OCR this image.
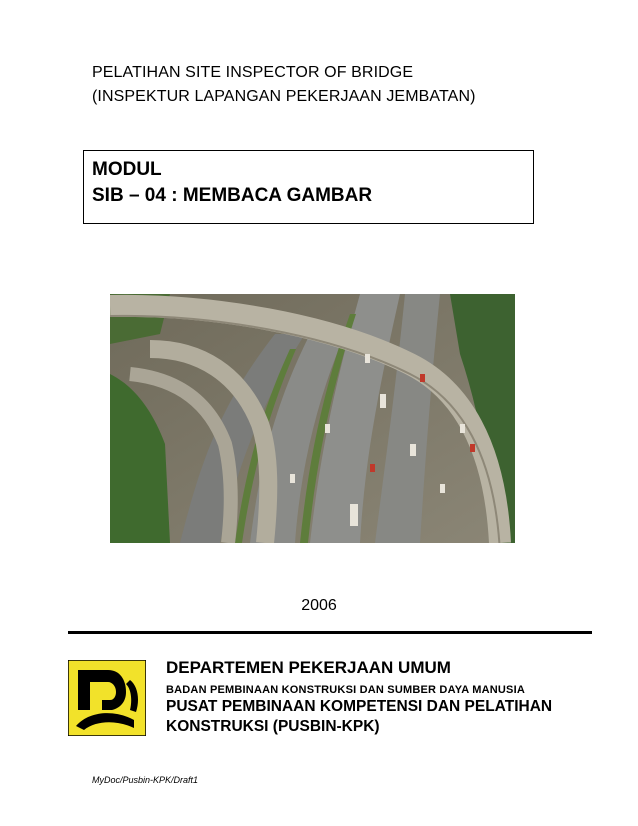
PELATIHAN SITE INSPECTOR OF BRIDGE
(INSPEKTUR LAPANGAN PEKERJAAN JEMBATAN)
MODUL
SIB – 04 : MEMBACA GAMBAR
2006
DEPARTEMEN PEKERJAAN UMUM
BADAN PEMBINAAN KONSTRUKSI DAN SUMBER DAYA MANUSIA
PUSAT PEMBINAAN KOMPETENSI DAN PELATIHAN
KONSTRUKSI (PUSBIN-KPK)
MyDoc/Pusbin-KPK/Draft1
